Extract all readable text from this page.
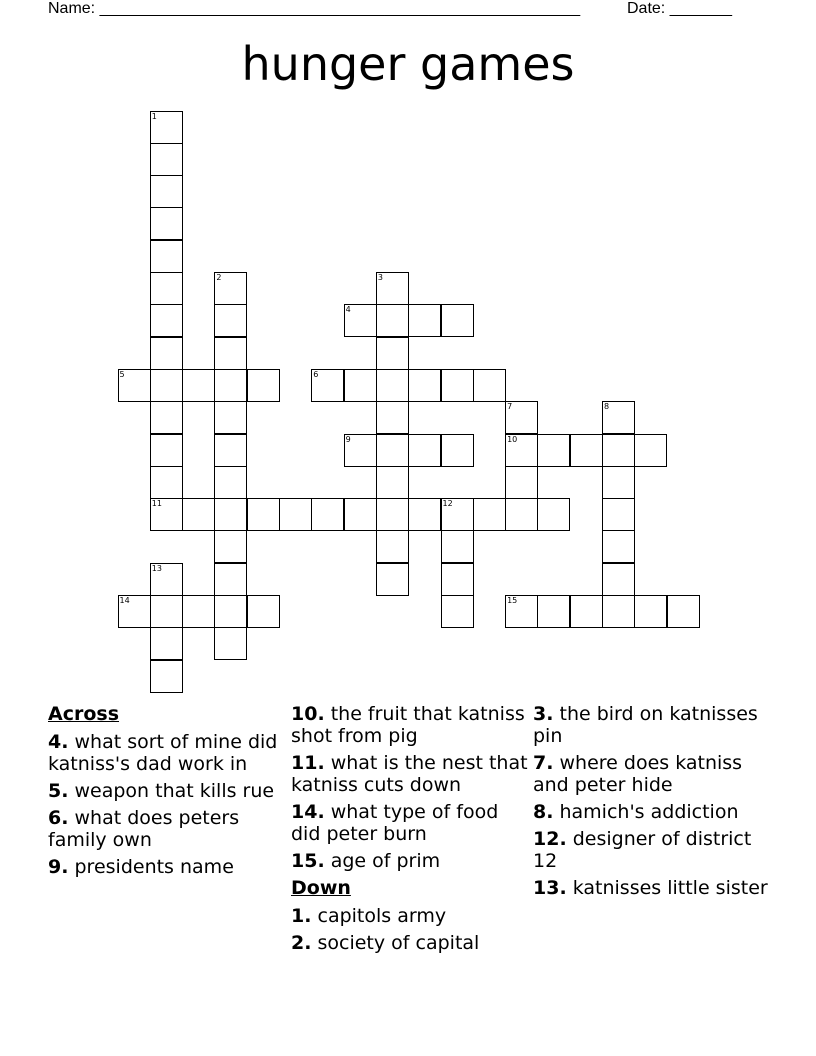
Name: ______________________________________________________	Date: _______
hunger games
1
2	3
4
5	6
7	8
9	10
11	12
13
14	15
Across
4. what sort of mine did katniss's dad work in
5. weapon that kills rue
6. what does peters family own
9. presidents name
10. the fruit that katniss shot from pig
11. what is the nest that katniss cuts down
14. what type of food did peter burn
15. age of prim
Down
1. capitols army
2. society of capital
3. the bird on katnisses pin
7. where does katniss and peter hide
8. hamich's addiction
12. designer of district 12
13. katnisses little sister
